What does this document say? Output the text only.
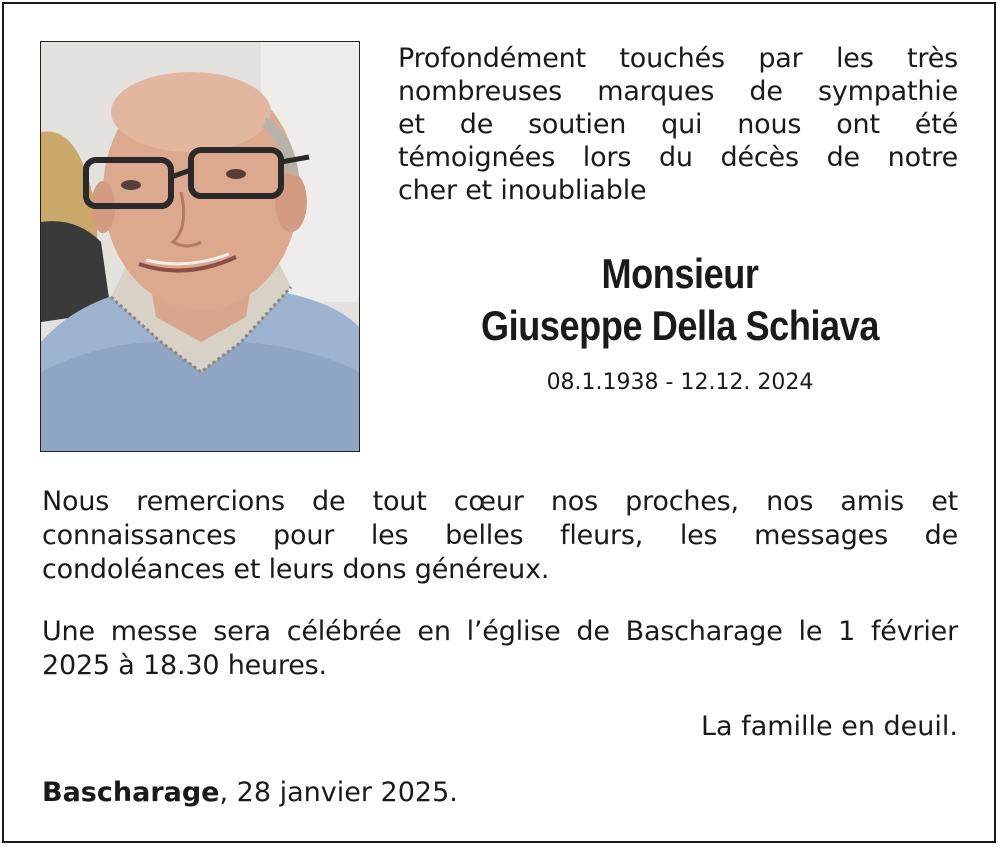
Profondément touchés par les très
nombreuses marques de sympathie
et de soutien qui nous ont été
témoignées lors du décès de notre
cher et inoubliable
Monsieur
Giuseppe Della Schiava
08.1.1938 - 12.12. 2024
Nous remercions de tout cœur nos proches, nos amis et
connaissances pour les belles fleurs, les messages de
condoléances et leurs dons généreux.
Une messe sera célébrée en l’église de Bascharage le 1 février
2025 à 18.30 heures.
La famille en deuil.
Bascharage, 28 janvier 2025.
